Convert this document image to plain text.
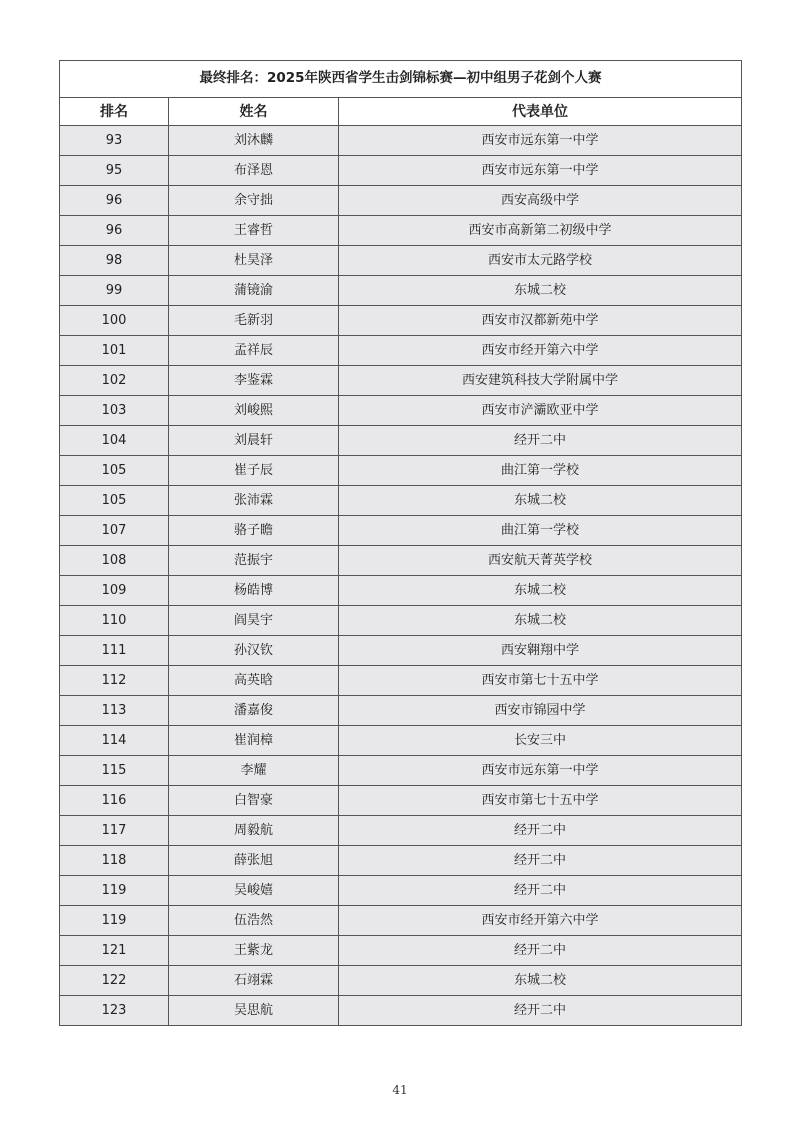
最终排名：2025年陕西省学生击剑锦标赛—初中组男子花剑个人赛		
排名	姓名	代表单位
93	刘沐麟	西安市远东第一中学
95	布泽恩	西安市远东第一中学
96	余守拙	西安高级中学
96	王睿哲	西安市高新第二初级中学
98	杜昊泽	西安市太元路学校
99	蒲镜渝	东城二校
100	毛新羽	西安市汉都新苑中学
101	孟祥辰	西安市经开第六中学
102	李鉴霖	西安建筑科技大学附属中学
103	刘峻熙	西安市浐灞欧亚中学
104	刘晨轩	经开二中
105	崔子辰	曲江第一学校
105	张沛霖	东城二校
107	骆子瞻	曲江第一学校
108	范振宇	西安航天菁英学校
109	杨皓博	东城二校
110	阎昊宇	东城二校
111	孙汉钦	西安翱翔中学
112	高英晗	西安市第七十五中学
113	潘嘉俊	西安市锦园中学
114	崔润樟	长安三中
115	李耀	西安市远东第一中学
116	白智豪	西安市第七十五中学
117	周毅航	经开二中
118	薛张旭	经开二中
119	吴峻嬉	经开二中
119	伍浩然	西安市经开第六中学
121	王紫龙	经开二中
122	石翊霖	东城二校
123	吴思航	经开二中
41
